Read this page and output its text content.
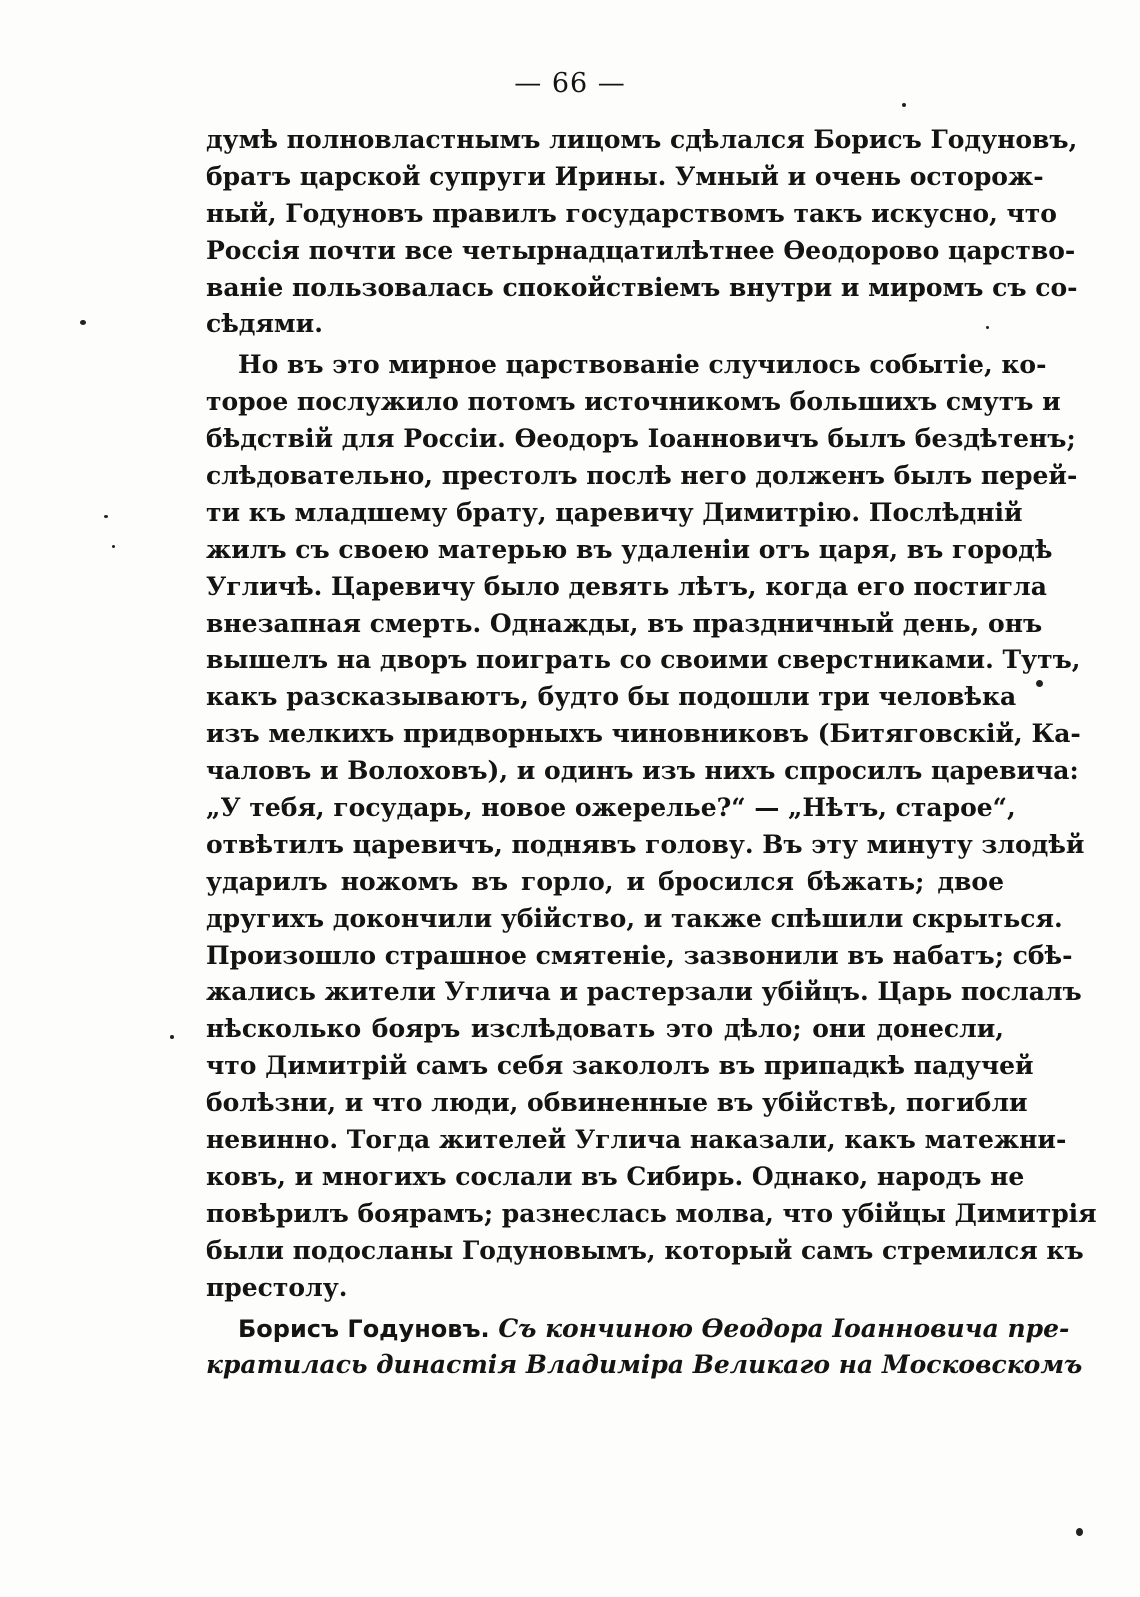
— 66 —
думѣ полновластнымъ лицомъ сдѣлался Борисъ Годуновъ,
братъ царской супруги Ирины. Умный и очень осторож-
ный, Годуновъ правилъ государствомъ такъ искусно, что
Россія почти все четырнадцатилѣтнее Ѳеодорово царство-
ваніе пользовалась спокойствіемъ внутри и миромъ съ со-
сѣдями.
Но въ это мирное царствованіе случилось событіе, ко-
торое послужило потомъ источникомъ большихъ смутъ и
бѣдствій для Россіи. Ѳеодоръ Іоанновичъ былъ бездѣтенъ;
слѣдовательно, престолъ послѣ него долженъ былъ перей-
ти къ младшему брату, царевичу Димитрію. Послѣдній
жилъ съ своею матерью въ удаленіи отъ царя, въ городѣ
Угличѣ. Царевичу было девять лѣтъ, когда его постигла
внезапная смерть. Однажды, въ праздничный день, онъ
вышелъ на дворъ поиграть со своими сверстниками. Тутъ,
какъ разсказываютъ, будто бы подошли три человѣка
изъ мелкихъ придворныхъ чиновниковъ (Битяговскій, Ка-
чаловъ и Волоховъ), и одинъ изъ нихъ спросилъ царевича:
„У тебя, государь, новое ожерелье?“ — „Нѣтъ, старое“,
отвѣтилъ царевичъ, поднявъ голову. Въ эту минуту злодѣй
ударилъ ножомъ въ горло, и бросился бѣжать; двое
другихъ докончили убійство, и также спѣшили скрыться.
Произошло страшное смятеніе, зазвонили въ набатъ; сбѣ-
жались жители Углича и растерзали убійцъ. Царь послалъ
нѣсколько бояръ изслѣдовать это дѣло; они донесли,
что Димитрій самъ себя закололъ въ припадкѣ падучей
болѣзни, и что люди, обвиненные въ убійствѣ, погибли
невинно. Тогда жителей Углича наказали, какъ матежни-
ковъ, и многихъ сослали въ Сибирь. Однако, народъ не
повѣрилъ боярамъ; разнеслась молва, что убійцы Димитрія
были подосланы Годуновымъ, который самъ стремился къ
престолу.
Борисъ Годуновъ. Съ кончиною Ѳеодора Іоанновича пре-
кратилась династія Владиміра Великаго на Московскомъ
